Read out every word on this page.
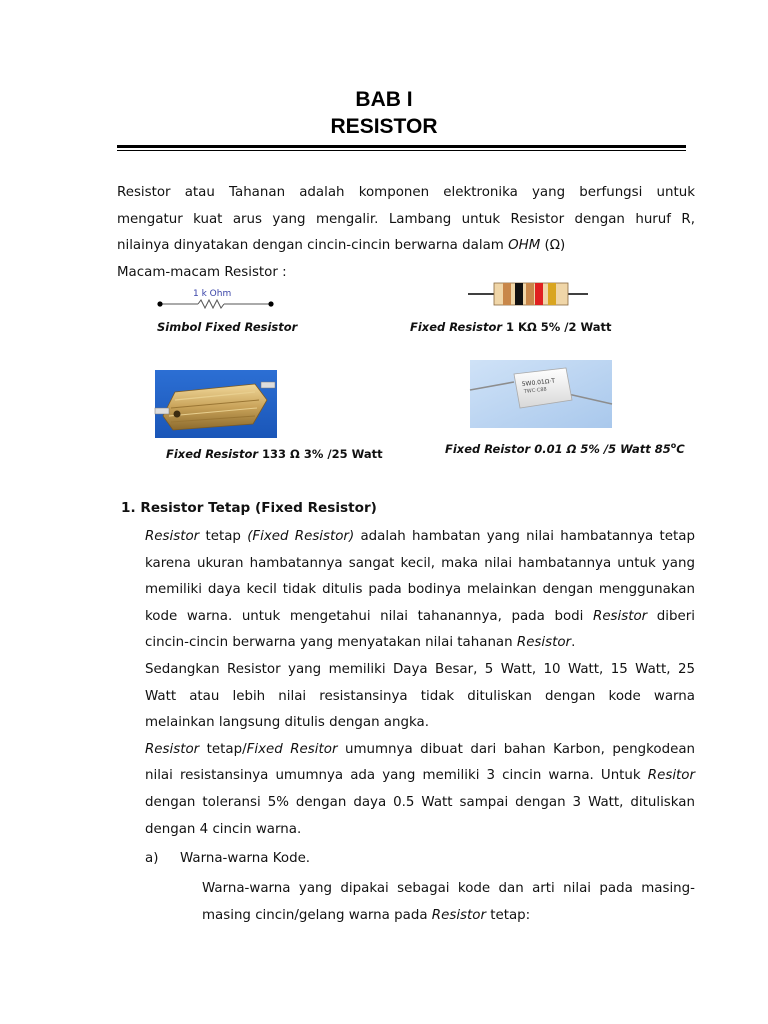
BAB I
RESISTOR
Resistor atau Tahanan adalah komponen elektronika yang berfungsi untuk
mengatur kuat arus yang mengalir. Lambang untuk Resistor dengan huruf R,
nilainya dinyatakan dengan cincin-cincin berwarna dalam OHM (Ω)
Macam-macam Resistor :
1 k Ohm
Simbol Fixed Resistor	Fixed Resistor 1 KΩ 5% /2 Watt
Fixed Resistor 133 Ω 3% /25 Watt
5W0.01Ω·T
TWC·C88
Fixed Reistor 0.01 Ω 5% /5 Watt 85$^o$C
1. Resistor Tetap (Fixed Resistor)
Resistor tetap (Fixed Resistor) adalah hambatan yang nilai hambatannya tetap
karena ukuran hambatannya sangat kecil, maka nilai hambatannya untuk yang
memiliki daya kecil tidak ditulis pada bodinya melainkan dengan menggunakan
kode warna. untuk mengetahui nilai tahanannya, pada bodi Resistor diberi
cincin-cincin berwarna yang menyatakan nilai tahanan Resistor.
Sedangkan Resistor yang memiliki Daya Besar, 5 Watt, 10 Watt, 15 Watt, 25
Watt atau lebih nilai resistansinya tidak dituliskan dengan kode warna
melainkan langsung ditulis dengan angka.
Resistor tetap/Fixed Resitor umumnya dibuat dari bahan Karbon, pengkodean
nilai resistansinya umumnya ada yang memiliki 3 cincin warna. Untuk Resitor
dengan toleransi 5% dengan daya 0.5 Watt sampai dengan 3 Watt, dituliskan
dengan 4 cincin warna.
a) Warna-warna Kode.
Warna-warna yang dipakai sebagai kode dan arti nilai pada masing-
masing cincin/gelang warna pada Resistor tetap:
